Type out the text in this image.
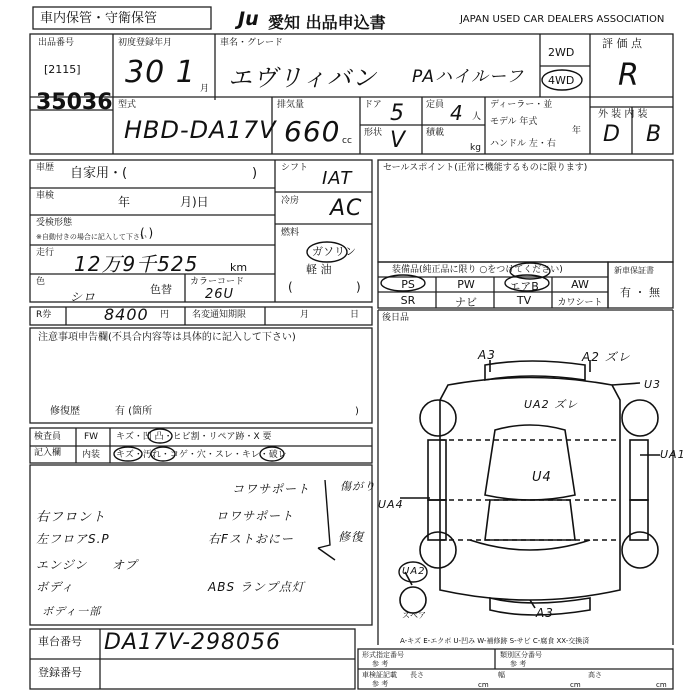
車内保管・守衛保管	Ju 愛知 出品申込書	JAPAN USED CAR DEALERS ASSOCIATION
出品番号
[2115]
35036
初度登録年月
30 1 月
車名・グレード
エヴリィバン PAハイルーフ
2WD
4WD
評 価 点
R
型式
HBD-DA17V
排気量
660 cc
ドア 5 定員 4 人
形状 V 積載
kg
ディーラー・並
モデル 年式
年
ハンドル 左・右
外 装 内 装
D B
車歴 自家用・(	)
車検	年	月)日
受検形態
※自動付きの場合に記入して下さい
( )
走行 12万9千525	km
色
シロ
色替
カラーコード
26U
シフト IAT
冷房 AC
燃料
ガソリン
軽 油
(	)
セールスポイント(正常に機能するものに限ります)
装備品(純正品に限り ○をつけてください)
PS	PW	エアB	AW
SR	ナビ	TV	カワシート
新車保証書
有 ・ 無
R券	8400 円	名変通知期限	月	日
注意事項申告欄(不具合内容等は具体的に記入して下さい)
修復歴	有 (箇所	)
検査員
記入欄
FW キズ・凹 凸・ヒビ割・リペア跡・X 要
内装 キズ・汚れ・コゲ・穴・スレ・キレ・破レ
コワサポート	傷がり
右フロント	ロワサポート
左フロアS.P	右Fストおにー	修復
エンジン オプ
ボディ	ABS ランプ点灯
ボディ一部
車台番号 DA17V-298056
登録番号
後日品
A3	A2 ズレ
U3
UA2 ズレ
UA1
U4
UA4
UA2
スペア	A3
A-キズ E-エクボ U-凹み W-補修跡 S-サビ C-腐食 XX-交換済
形式指定番号
参 考
類別区分番号
参 考
車検証記載
参 考
長さ
cm
幅
cm
高さ
cm
